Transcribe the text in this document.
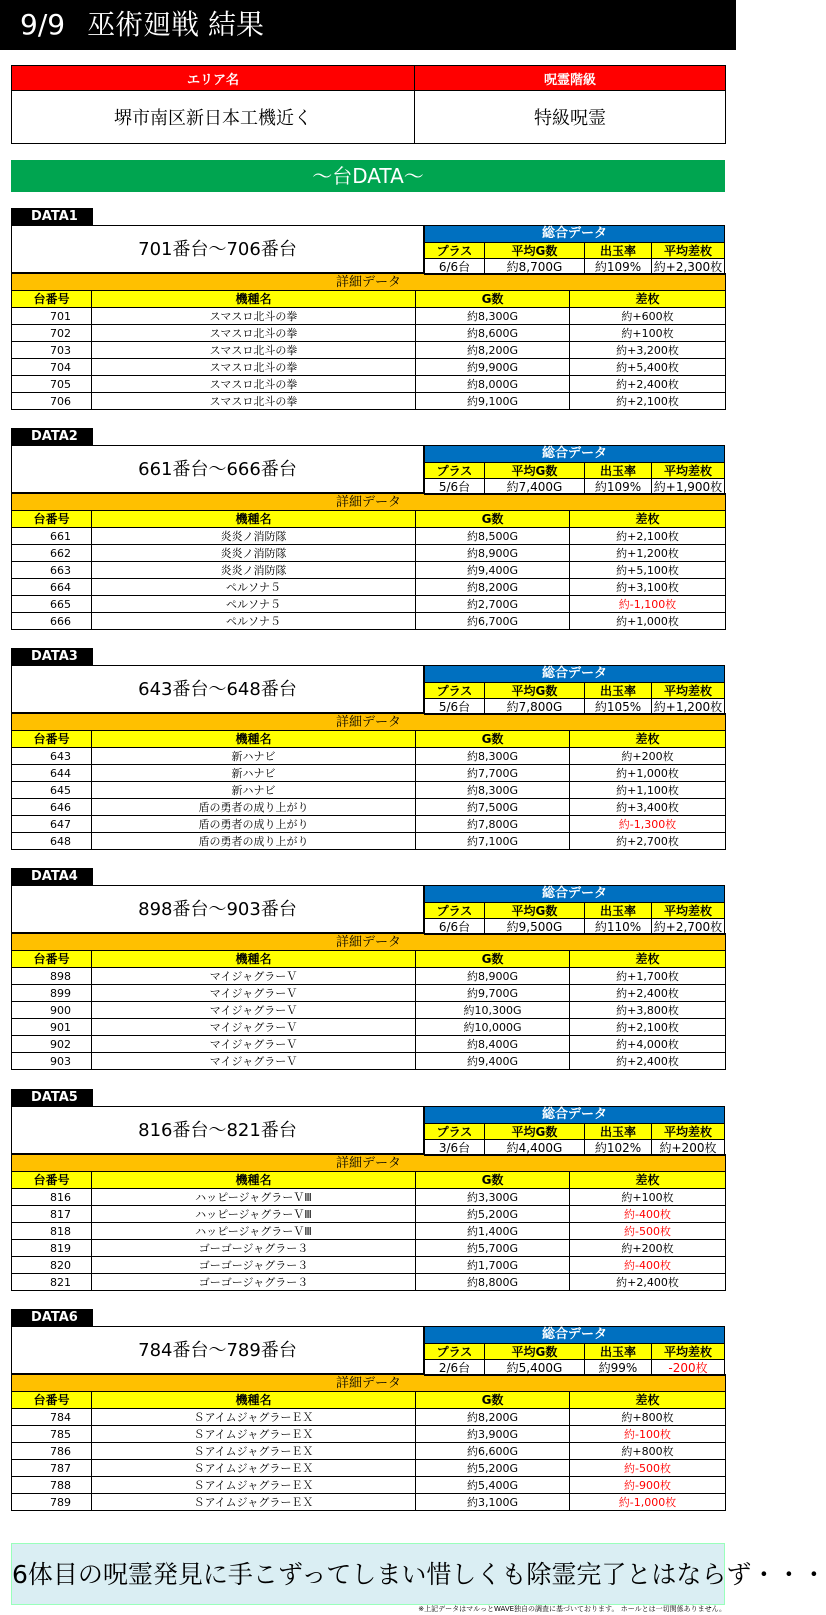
9/9 巫術廻戦 結果
エリア名	呪霊階級
堺市南区新日本工機近く	特級呪霊
～台DATA～
DATA1
701番台～706番台
総合データ			
プラス	平均G数	出玉率	平均差枚
6/6台	約8,700G	約109%	約+2,300枚
詳細データ			
台番号	機種名	G数	差枚
701	スマスロ北斗の拳	約8,300G	約+600枚
702	スマスロ北斗の拳	約8,600G	約+100枚
703	スマスロ北斗の拳	約8,200G	約+3,200枚
704	スマスロ北斗の拳	約9,900G	約+5,400枚
705	スマスロ北斗の拳	約8,000G	約+2,400枚
706	スマスロ北斗の拳	約9,100G	約+2,100枚
DATA2
661番台～666番台
総合データ			
プラス	平均G数	出玉率	平均差枚
5/6台	約7,400G	約109%	約+1,900枚
詳細データ			
台番号	機種名	G数	差枚
661	炎炎ノ消防隊	約8,500G	約+2,100枚
662	炎炎ノ消防隊	約8,900G	約+1,200枚
663	炎炎ノ消防隊	約9,400G	約+5,100枚
664	ペルソナ５	約8,200G	約+3,100枚
665	ペルソナ５	約2,700G	約-1,100枚
666	ペルソナ５	約6,700G	約+1,000枚
DATA3
643番台～648番台
総合データ			
プラス	平均G数	出玉率	平均差枚
5/6台	約7,800G	約105%	約+1,200枚
詳細データ			
台番号	機種名	G数	差枚
643	新ハナビ	約8,300G	約+200枚
644	新ハナビ	約7,700G	約+1,000枚
645	新ハナビ	約8,300G	約+1,100枚
646	盾の勇者の成り上がり	約7,500G	約+3,400枚
647	盾の勇者の成り上がり	約7,800G	約-1,300枚
648	盾の勇者の成り上がり	約7,100G	約+2,700枚
DATA4
898番台～903番台
総合データ			
プラス	平均G数	出玉率	平均差枚
6/6台	約9,500G	約110%	約+2,700枚
詳細データ			
台番号	機種名	G数	差枚
898	マイジャグラーＶ	約8,900G	約+1,700枚
899	マイジャグラーＶ	約9,700G	約+2,400枚
900	マイジャグラーＶ	約10,300G	約+3,800枚
901	マイジャグラーＶ	約10,000G	約+2,100枚
902	マイジャグラーＶ	約8,400G	約+4,000枚
903	マイジャグラーＶ	約9,400G	約+2,400枚
DATA5
816番台～821番台
総合データ			
プラス	平均G数	出玉率	平均差枚
3/6台	約4,400G	約102%	約+200枚
詳細データ			
台番号	機種名	G数	差枚
816	ハッピージャグラーＶⅢ	約3,300G	約+100枚
817	ハッピージャグラーＶⅢ	約5,200G	約-400枚
818	ハッピージャグラーＶⅢ	約1,400G	約-500枚
819	ゴーゴージャグラー３	約5,700G	約+200枚
820	ゴーゴージャグラー３	約1,700G	約-400枚
821	ゴーゴージャグラー３	約8,800G	約+2,400枚
DATA6
784番台～789番台
総合データ			
プラス	平均G数	出玉率	平均差枚
2/6台	約5,400G	約99%	-200枚
詳細データ			
台番号	機種名	G数	差枚
784	ＳアイムジャグラーＥＸ	約8,200G	約+800枚
785	ＳアイムジャグラーＥＸ	約3,900G	約-100枚
786	ＳアイムジャグラーＥＸ	約6,600G	約+800枚
787	ＳアイムジャグラーＥＸ	約5,200G	約-500枚
788	ＳアイムジャグラーＥＸ	約5,400G	約-900枚
789	ＳアイムジャグラーＥＸ	約3,100G	約-1,000枚
6体目の呪霊発見に手こずってしまい惜しくも除霊完了とはならず・・・
※上記データはマルっとWAVE独自の調査に基づいております。 ホールとは一切関係ありません。
